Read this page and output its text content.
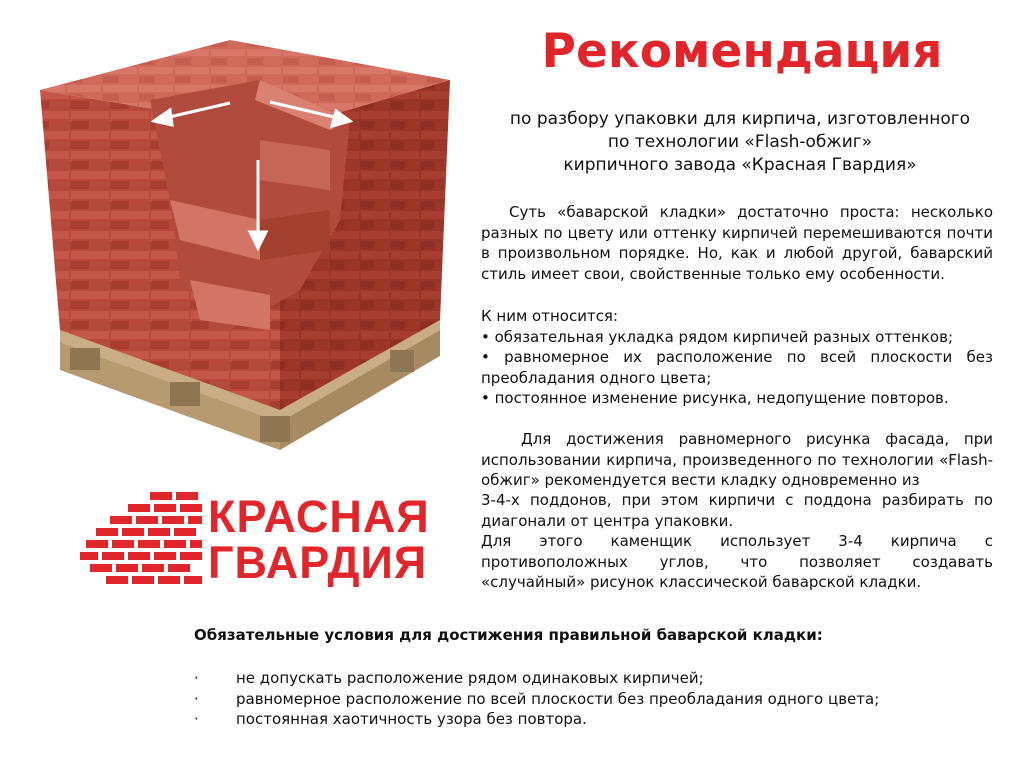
КРАСНАЯ
ГВАРДИЯ
Рекомендация
по разбору упаковки для кирпича, изготовленного
по технологии «Flash-обжиг»
кирпичного завода «Красная Гвардия»
Суть «баварской кладки» достаточно проста: несколько разных по цвету или оттенку кирпичей перемешиваются почти в произвольном порядке. Но, как и любой другой, баварский стиль имеет свои, свойственные только ему особенности.
К ним относится:
• обязательная укладка рядом кирпичей разных оттенков;
• равномерное их расположение по всей плоскости без преобладания одного цвета;
• постоянное изменение рисунка, недопущение повторов.
Для достижения равномерного рисунка фасада, при использовании кирпича, произведенного по технологии «Flash-обжиг» рекомендуется вести кладку одновременно из
3-4-х поддонов, при этом кирпичи с поддона разбирать по диагонали от центра упаковки.
Для этого каменщик использует 3-4 кирпича с противоположных углов, что позволяет создавать «случайный» рисунок классической баварской кладки.
Обязательные условия для достижения правильной баварской кладки:
· не допускать расположение рядом одинаковых кирпичей;
· равномерное расположение по всей плоскости без преобладания одного цвета;
· постоянная хаотичность узора без повтора.
